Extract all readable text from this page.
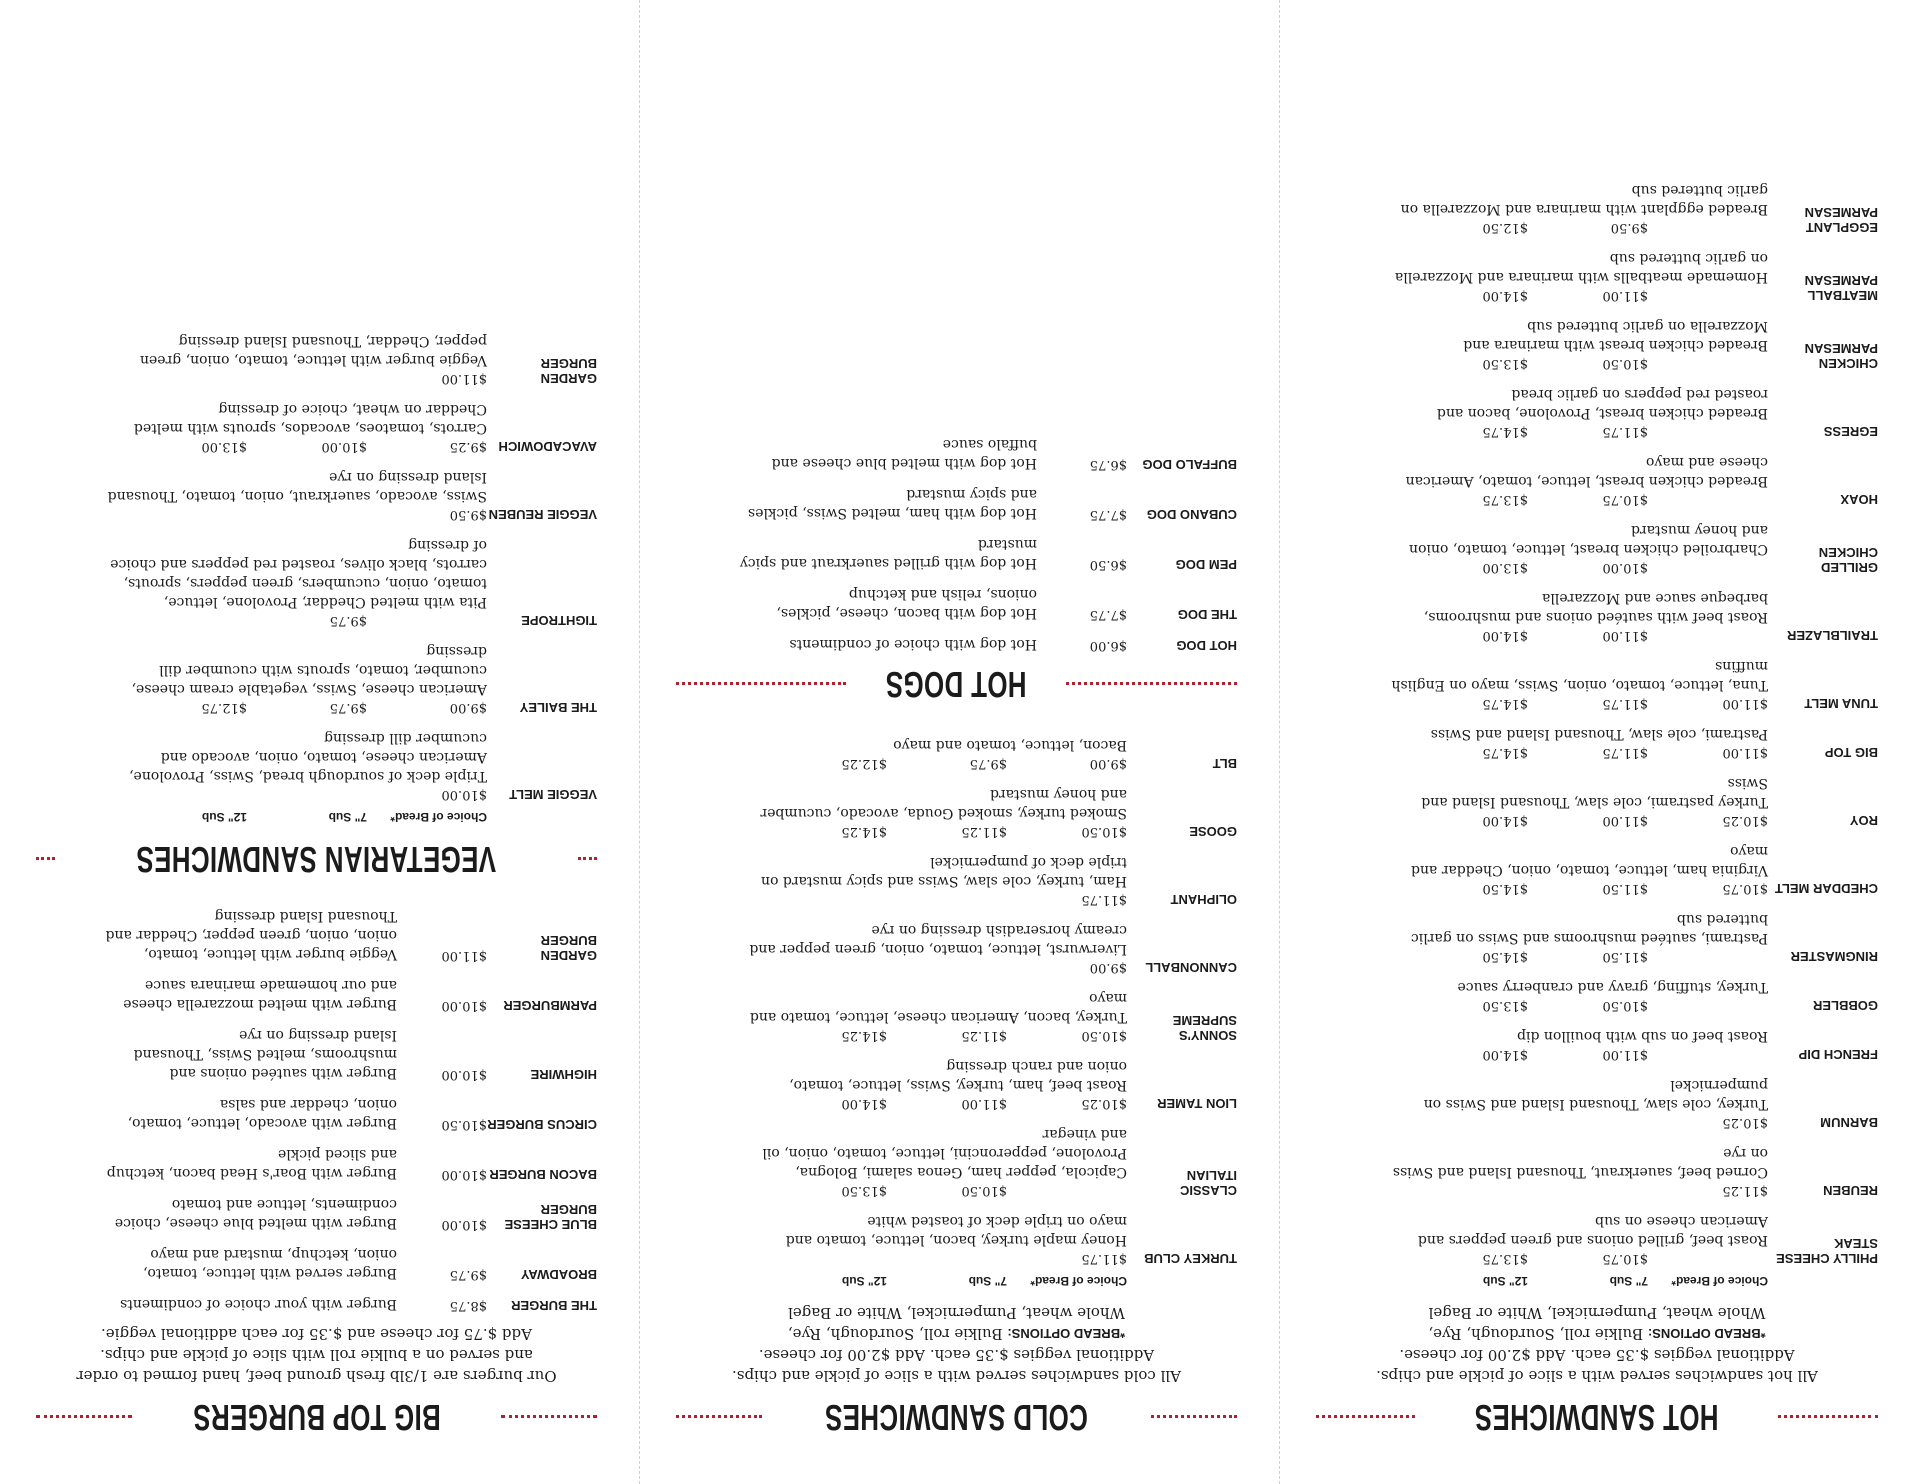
HOT SANDWICHES

All hot sandwiches served with a slice of pickle and chips.

Additional veggies $.35 each. Add $2.00 for cheese.

*BREAD OPTIONS: Bulkie roll, Sourdough, Rye,

Whole wheat, Pumpernickel, White or Bagel

Choice of Bread*
7" Sub
12" Sub
PHILLY CHEESE STEAK
$10.75
$13.75
Roast beef, grilled onions and green peppers and American cheese on sub
REUBEN
$11.25
Corned beef, sauerkraut, Thousand Island and Swiss on rye
BARNUM
$10.25
Turkey, cole slaw, Thousand Island and Swiss on pumpernickel
FRENCH DIP
$11.00
$14.00
Roast beef on sub with bouillon dip
GOBBLER
$10.50
$13.50
Turkey, stuffing, gravy and cranberry sauce
RINGMASTER
$11.50
$14.50
Pastrami, sautéed mushrooms and Swiss on garlic buttered sub
CHEDDAR MELT
$10.75
$11.50
$14.50
Virginia ham, lettuce, tomato, onion, Cheddar and mayo
ROY
$10.25
$11.00
$14.00
Turkey pastrami, cole slaw, Thousand Island and Swiss
BIG TOP
$11.00
$11.75
$14.75
Pastrami, cole slaw, Thousand Island and Swiss
TUNA MELT
$11.00
$11.75
$14.75
Tuna, lettuce, tomato, onion, Swiss, mayo on English muffins
TRAILBLAZER
$11.00
$14.00
Roast beef with sautéed onions and mushrooms, barbeque sauce and Mozzarella
GRILLED CHICKEN
$10.00
$13.00
Charbroiled chicken breast, lettuce, tomato, onion and honey mustard
HOAX
$10.75
$13.75
Breaded chicken breast, lettuce, tomato, American cheese and mayo
EGRESS
$11.75
$14.75
Breaded chicken breast, Provolone, bacon and roasted red peppers on garlic bread
CHICKEN PARMESAN
$10.50
$13.50
Breaded chicken breast with marinara and Mozzarella on garlic buttered sub
MEATBALL PARMESAN
$11.00
$14.00
Homemade meatballs with marinara and Mozzarella on garlic buttered sub
EGGPLANT PARMESAN
$9.50
$12.50
Breaded eggplant with marinara and Mozzarella on garlic buttered sub
COLD SANDWICHES

All cold sandwiches served with a slice of pickle and chips.

Additional veggies $.35 each. Add $2.00 for cheese.

*BREAD OPTIONS: Bulkie roll, Sourdough, Rye,

Whole wheat, Pumpernickel, White or Bagel

Choice of Bread*
7" Sub
12" Sub
TURKEY CLUB
$11.75
Honey maple turkey, bacon, lettuce, tomato and mayo on triple deck of toasted white
CLASSIC ITALIAN
$10.50
$13.50
Capicola, pepper ham, Genoa salami, Bologna, Provolone, pepperoncini, lettuce, tomato, onion, oil and vinegar
LION TAMER
$10.25
$11.00
$14.00
Roast beef, ham, turkey, Swiss, lettuce, tomato, onion and ranch dressing
SONNY'S SUPREME
$10.50
$11.25
$14.25
Turkey, bacon, American cheese, lettuce, tomato and mayo
CANNONBALL
$9.00
Liverwurst, lettuce, tomato, onion, green pepper and creamy horseradish dressing on rye
OLIPHANT
$11.75
Ham, turkey, cole slaw, Swiss and spicy mustard on triple deck of pumpernickel
GOOSE
$10.50
$11.25
$14.25
Smoked turkey, smoked Gouda, avocado, cucumber and honey mustard
BLT
$9.00
$9.75
$12.25
Bacon, lettuce, tomato and mayo
HOT DOGS
HOT DOG
$6.00
Hot dog with choice of condiments
THE DOG
$7.75
Hot dog with bacon, cheese, pickles, onions, relish and ketchup
PEM DOG
$6.50
Hot dog with grilled sauerkraut and spicy mustard
CUBANO DOG
$7.75
Hot dog with ham, melted Swiss, pickles and spicy mustard
BUFFALO DOG
$6.75
Hot dog with melted blue cheese and buffalo sauce
BIG TOP BURGERS

Our burgers are 1/3lb fresh ground beef, hand formed to order

and served on a bulkie roll with slice of pickle and chips.

Add $.75 for cheese and $.35 for each additional veggie.

THE BURGER
$8.75
Burger with your choice of condiments
BROADWAY
$9.75
Burger served with lettuce, tomato, onion, ketchup, mustard and mayo
BLUE CHEESE BURGER
$10.00
Burger with melted blue cheese, choice condiments, lettuce and tomato
BACON BURGER
$10.00
Burger with Boar's Head bacon, ketchup and sliced pickle
CIRCUS BURGER
$10.50
Burger with avocado, lettuce, tomato, onion, cheddar and salsa
HIGHWIRE
$10.00
Burger with sautéed onions and mushrooms, melted Swiss, Thousand Island dressing on rye
PARMBURGER
$10.00
Burger with melted mozzarella cheese and our homemade marinara sauce
GARDEN BURGER
$11.00
Veggie burger with lettuce, tomato, onion, onion, green pepper, Cheddar and Thousand Island dressing
VEGETARIAN SANDWICHES
Choice of Bread*
7" Sub
12" Sub
VEGGIE MELT
$10.00
Triple deck of sourdough bread, Swiss, Provolone, American cheese, tomato, onion, avocado and cucumber dill dressing
THE BAILEY
$9.00
$9.75
$12.75
American cheese, Swiss, vegetable cream cheese, cucumber, tomato, sprouts with cucumber dill dressing
TIGHTROPE
$9.75
Pita with melted Cheddar, Provolone, lettuce, tomato, onion, cucumbers, green peppers, sprouts, carrots, black olives, roasted red peppers and choice of dressing
VEGGIE REUBEN
$9.50
Swiss, avocado, sauerkraut, onion, tomato, Thousand Island dressing on rye
AVACADOWICH
$9.25
$10.00
$13.00
Carrots, tomatoes, avocados, sprouts with melted Cheddar on wheat, choice of dressing
GARDEN BURGER
$11.00
Veggie burger with lettuce, tomato, onion, green pepper, Cheddar, Thousand Island dressing
